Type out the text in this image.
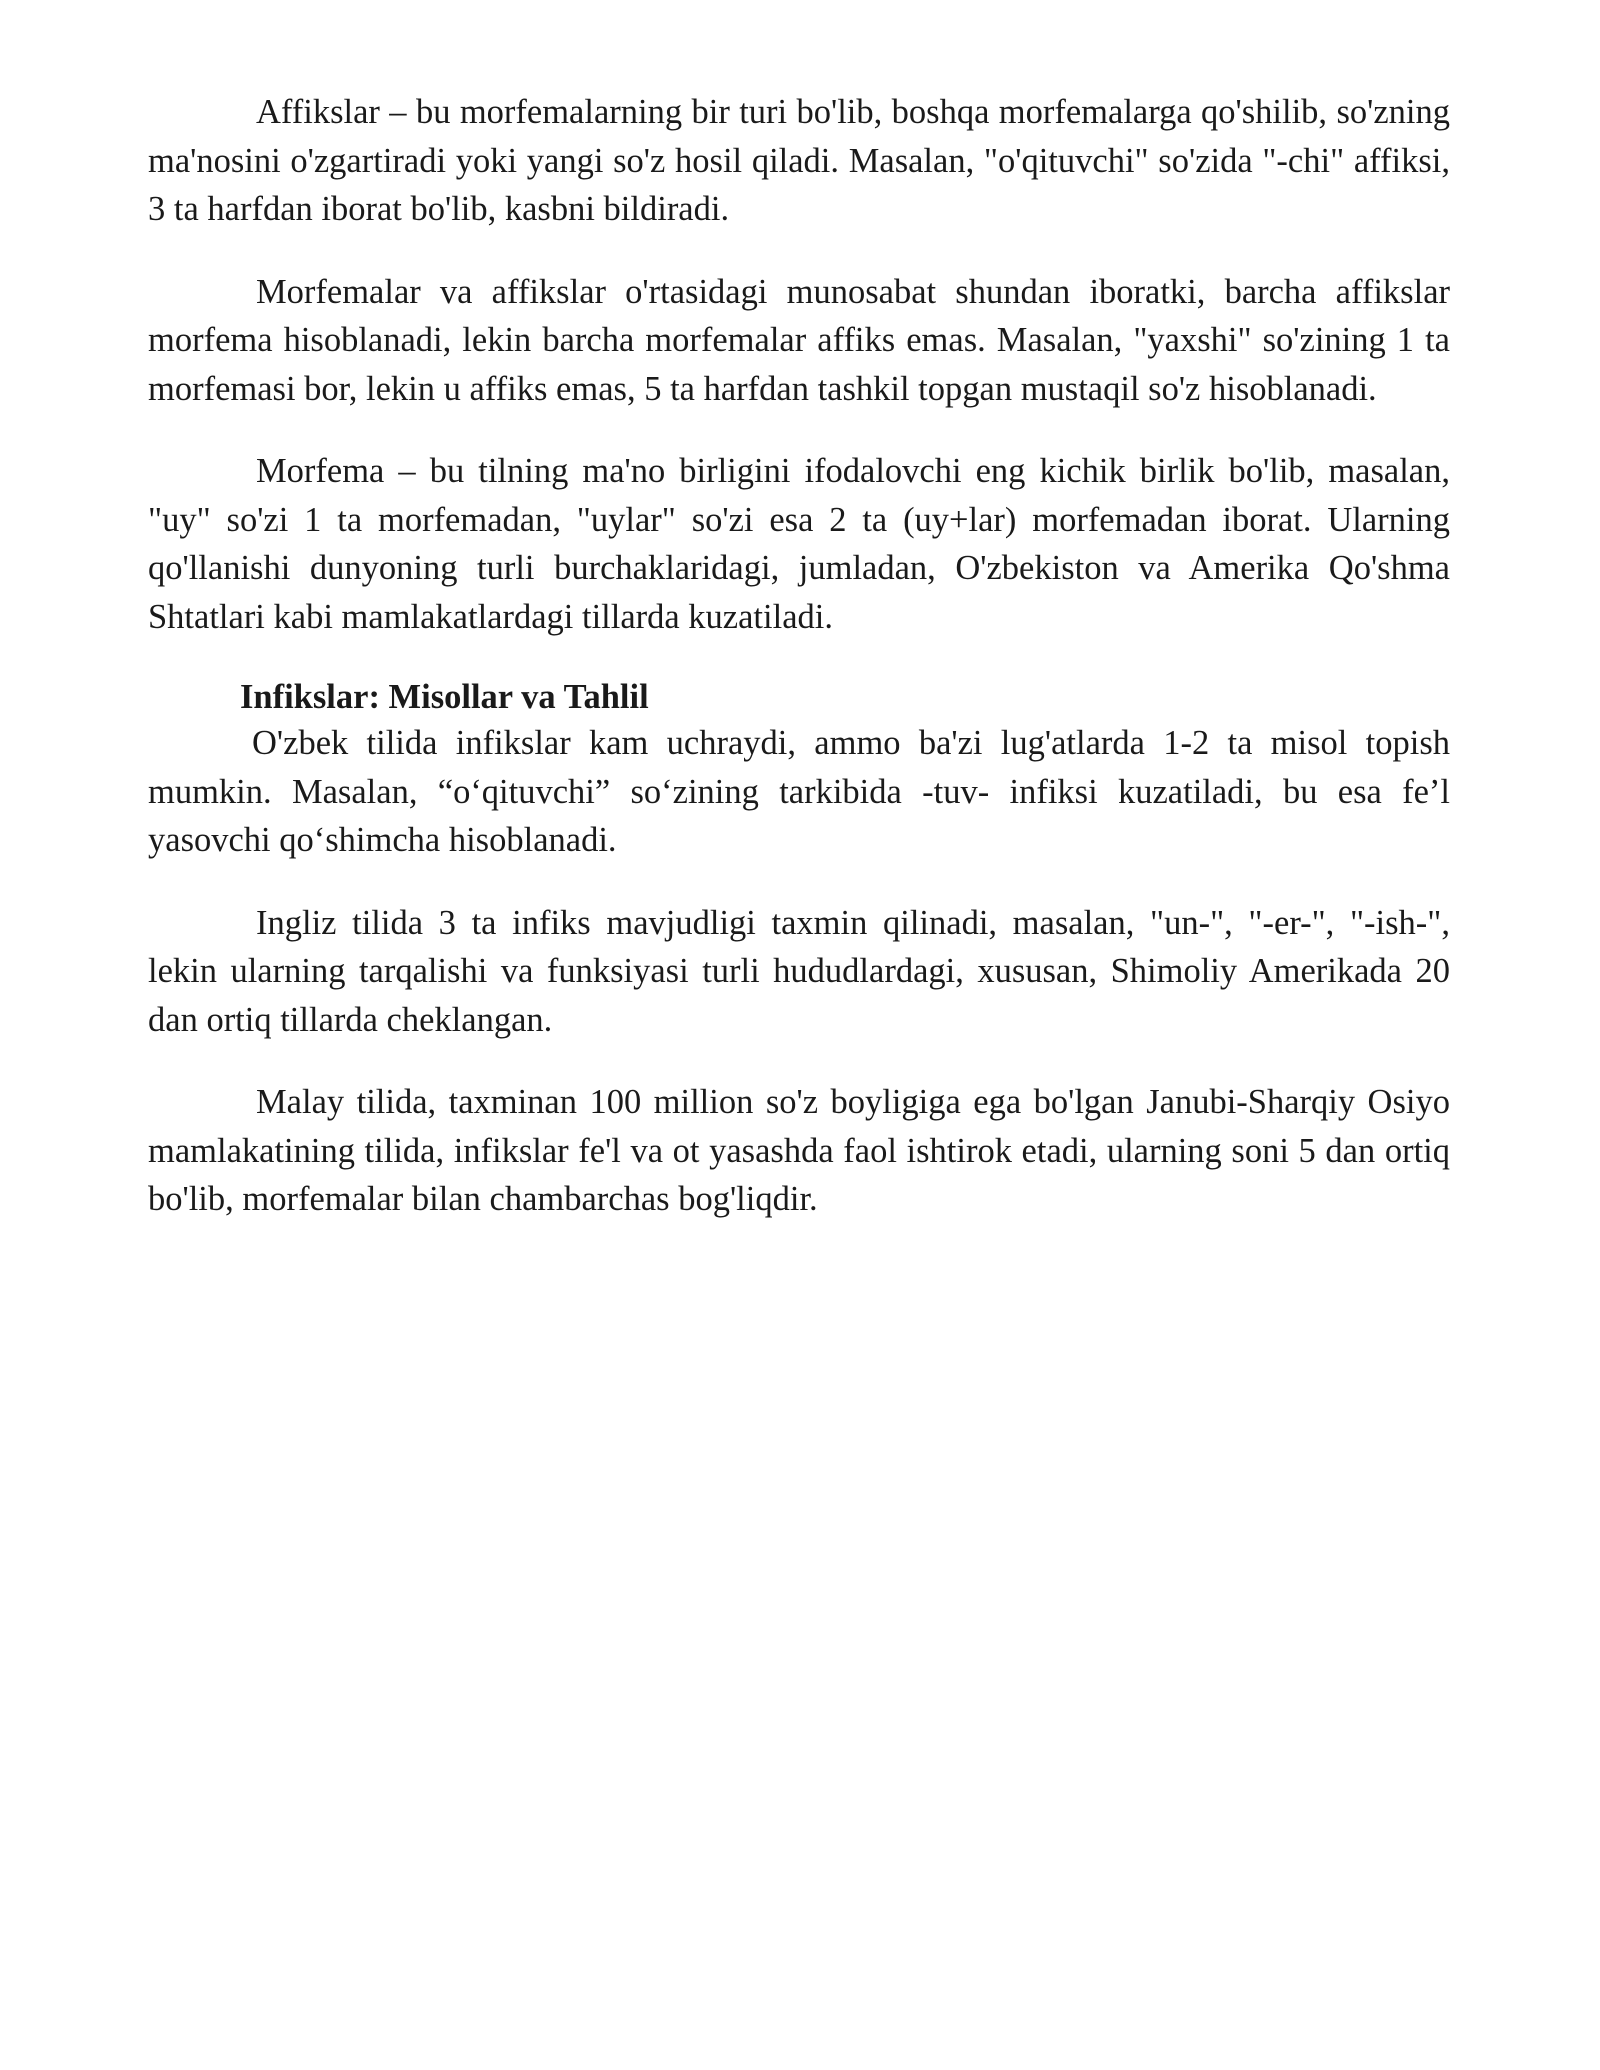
Affikslar – bu morfemalarning bir turi bo'lib, boshqa morfemalarga qo'shilib, so'zning ma'nosini o'zgartiradi yoki yangi so'z hosil qiladi. Masalan, "o'qituvchi" so'zida "-chi" affiksi, 3 ta harfdan iborat bo'lib, kasbni bildiradi.

Morfemalar va affikslar o'rtasidagi munosabat shundan iboratki, barcha affikslar morfema hisoblanadi, lekin barcha morfemalar affiks emas. Masalan, "yaxshi" so'zining 1 ta morfemasi bor, lekin u affiks emas, 5 ta harfdan tashkil topgan mustaqil so'z hisoblanadi.

Morfema – bu tilning ma'no birligini ifodalovchi eng kichik birlik bo'lib, masalan, "uy" so'zi 1 ta morfemadan, "uylar" so'zi esa 2 ta (uy+lar) morfemadan iborat. Ularning qo'llanishi dunyoning turli burchaklaridagi, jumladan, O'zbekiston va Amerika Qo'shma Shtatlari kabi mamlakatlardagi tillarda kuzatiladi.

Infikslar: Misollar va Tahlil

O'zbek tilida infikslar kam uchraydi, ammo ba'zi lug'atlarda 1-2 ta misol topish mumkin. Masalan, “o‘qituvchi” so‘zining tarkibida -tuv- infiksi kuzatiladi, bu esa fe’l yasovchi qo‘shimcha hisoblanadi.

Ingliz tilida 3 ta infiks mavjudligi taxmin qilinadi, masalan, "un-", "-er-", "-ish-", lekin ularning tarqalishi va funksiyasi turli hududlardagi, xususan, Shimoliy Amerikada 20 dan ortiq tillarda cheklangan.

Malay tilida, taxminan 100 million so'z boyligiga ega bo'lgan Janubi-Sharqiy Osiyo mamlakatining tilida, infikslar fe'l va ot yasashda faol ishtirok etadi, ularning soni 5 dan ortiq bo'lib, morfemalar bilan chambarchas bog'liqdir.
